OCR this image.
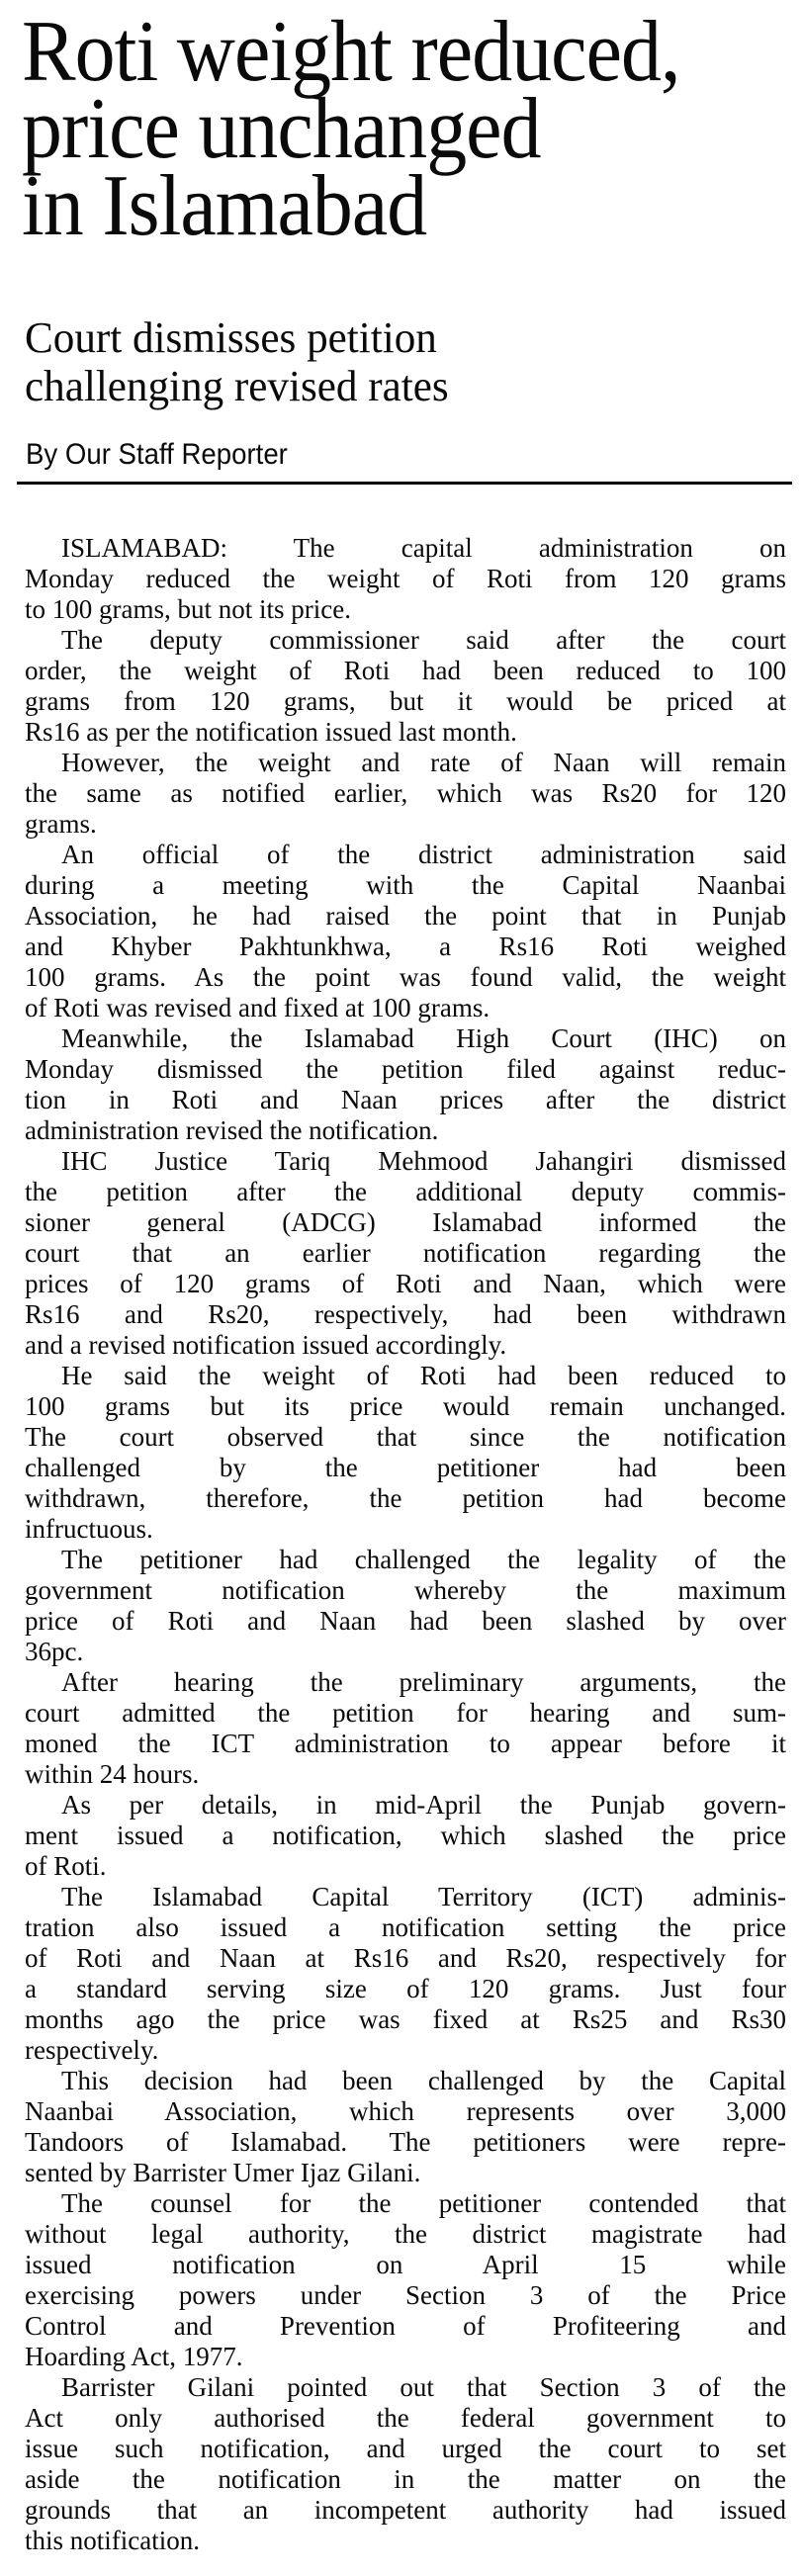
Roti weight reduced,
price unchanged
in Islamabad
Court dismisses petition
challenging revised rates
By Our Staff Reporter
ISLAMABAD: The capital administration on
Monday reduced the weight of Roti from 120 grams
to 100 grams, but not its price.
The deputy commissioner said after the court
order, the weight of Roti had been reduced to 100
grams from 120 grams, but it would be priced at
Rs16 as per the notification issued last month.
However, the weight and rate of Naan will remain
the same as notified earlier, which was Rs20 for 120
grams.
An official of the district administration said
during a meeting with the Capital Naanbai
Association, he had raised the point that in Punjab
and Khyber Pakhtunkhwa, a Rs16 Roti weighed
100 grams. As the point was found valid, the weight
of Roti was revised and fixed at 100 grams.
Meanwhile, the Islamabad High Court (IHC) on
Monday dismissed the petition filed against reduc-
tion in Roti and Naan prices after the district
administration revised the notification.
IHC Justice Tariq Mehmood Jahangiri dismissed
the petition after the additional deputy commis-
sioner general (ADCG) Islamabad informed the
court that an earlier notification regarding the
prices of 120 grams of Roti and Naan, which were
Rs16 and Rs20, respectively, had been withdrawn
and a revised notification issued accordingly.
He said the weight of Roti had been reduced to
100 grams but its price would remain unchanged.
The court observed that since the notification
challenged by the petitioner had been
withdrawn, therefore, the petition had become
infructuous.
The petitioner had challenged the legality of the
government notification whereby the maximum
price of Roti and Naan had been slashed by over
36pc.
After hearing the preliminary arguments, the
court admitted the petition for hearing and sum-
moned the ICT administration to appear before it
within 24 hours.
As per details, in mid-April the Punjab govern-
ment issued a notification, which slashed the price
of Roti.
The Islamabad Capital Territory (ICT) adminis-
tration also issued a notification setting the price
of Roti and Naan at Rs16 and Rs20, respectively for
a standard serving size of 120 grams. Just four
months ago the price was fixed at Rs25 and Rs30
respectively.
This decision had been challenged by the Capital
Naanbai Association, which represents over 3,000
Tandoors of Islamabad. The petitioners were repre-
sented by Barrister Umer Ijaz Gilani.
The counsel for the petitioner contended that
without legal authority, the district magistrate had
issued notification on April 15 while
exercising powers under Section 3 of the Price
Control and Prevention of Profiteering and
Hoarding Act, 1977.
Barrister Gilani pointed out that Section 3 of the
Act only authorised the federal government to
issue such notification, and urged the court to set
aside the notification in the matter on the
grounds that an incompetent authority had issued
this notification.
